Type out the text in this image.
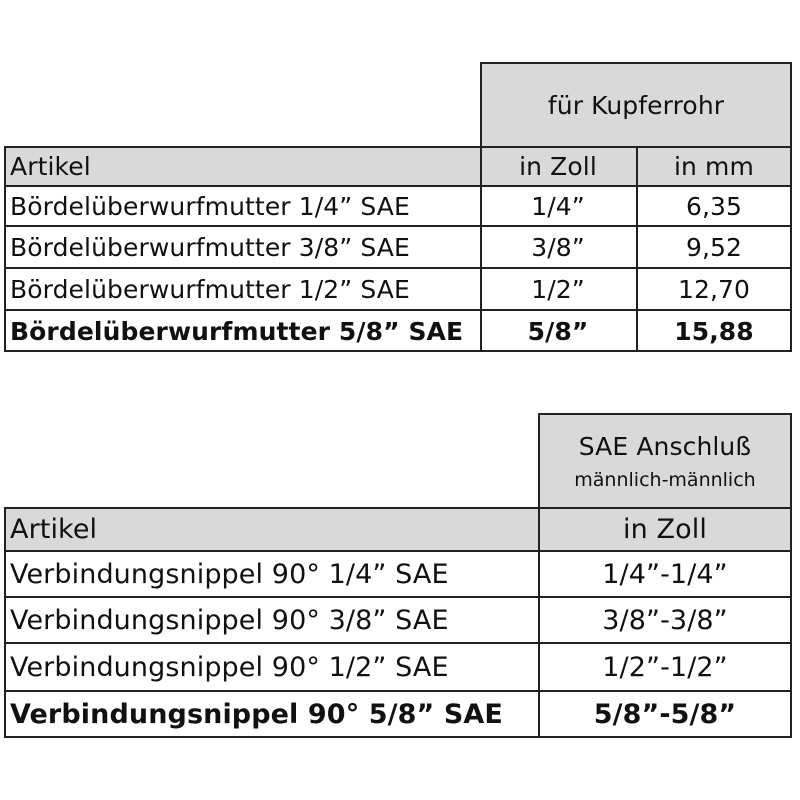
für Kupferrohr
Artikel	in Zoll	in mm
Bördelüberwurfmutter 1/4” SAE	1/4”	6,35
Bördelüberwurfmutter 3/8” SAE	3/8”	9,52
Bördelüberwurfmutter 1/2” SAE	1/2”	12,70
Bördelüberwurfmutter 5/8” SAE	5/8”	15,88
SAE Anschluß
männlich-männlich
Artikel	in Zoll
Verbindungsnippel 90° 1/4” SAE	1/4”-1/4”
Verbindungsnippel 90° 3/8” SAE	3/8”-3/8”
Verbindungsnippel 90° 1/2” SAE	1/2”-1/2”
Verbindungsnippel 90° 5/8” SAE	5/8”-5/8”
